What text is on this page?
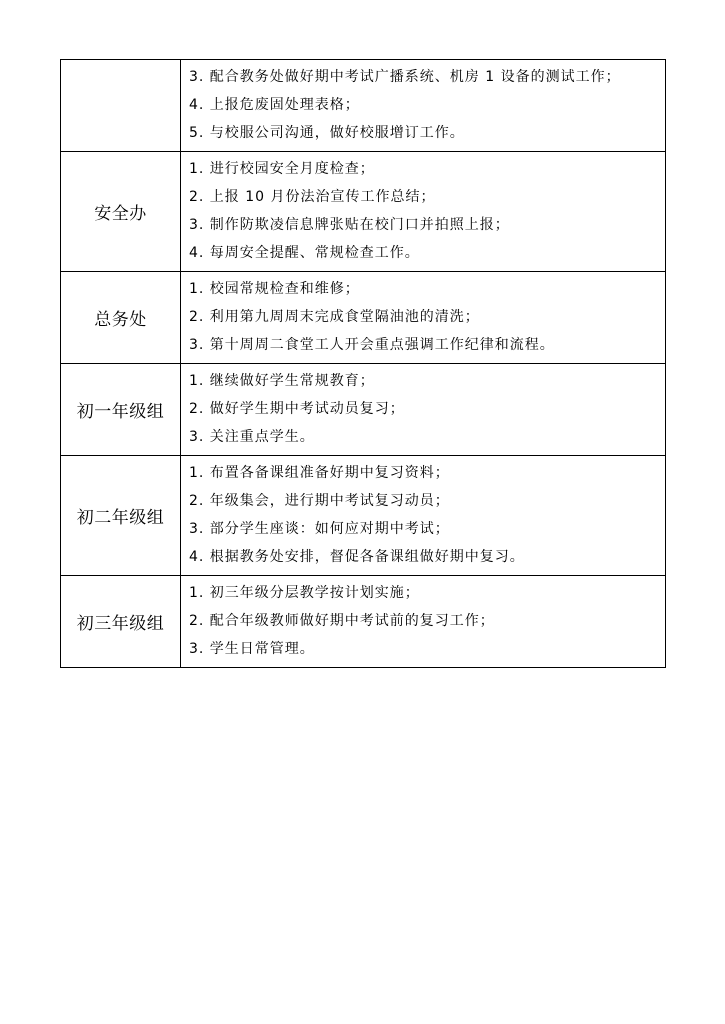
	3. 配合教务处做好期中考试广播系统、机房 1 设备的测试工作；
4. 上报危废固处理表格；
5. 与校服公司沟通，做好校服增订工作。

安全办	1. 进行校园安全月度检查；
2. 上报 10 月份法治宣传工作总结；
3. 制作防欺凌信息牌张贴在校门口并拍照上报；
4. 每周安全提醒、常规检查工作。

总务处	1. 校园常规检查和维修；
2. 利用第九周周末完成食堂隔油池的清洗；
3. 第十周周二食堂工人开会重点强调工作纪律和流程。

初一年级组	1. 继续做好学生常规教育；
2. 做好学生期中考试动员复习；
3. 关注重点学生。

初二年级组	1. 布置各备课组准备好期中复习资料；
2. 年级集会，进行期中考试复习动员；
3. 部分学生座谈：如何应对期中考试；
4. 根据教务处安排，督促各备课组做好期中复习。

初三年级组	1. 初三年级分层教学按计划实施；
2. 配合年级教师做好期中考试前的复习工作；
3. 学生日常管理。
